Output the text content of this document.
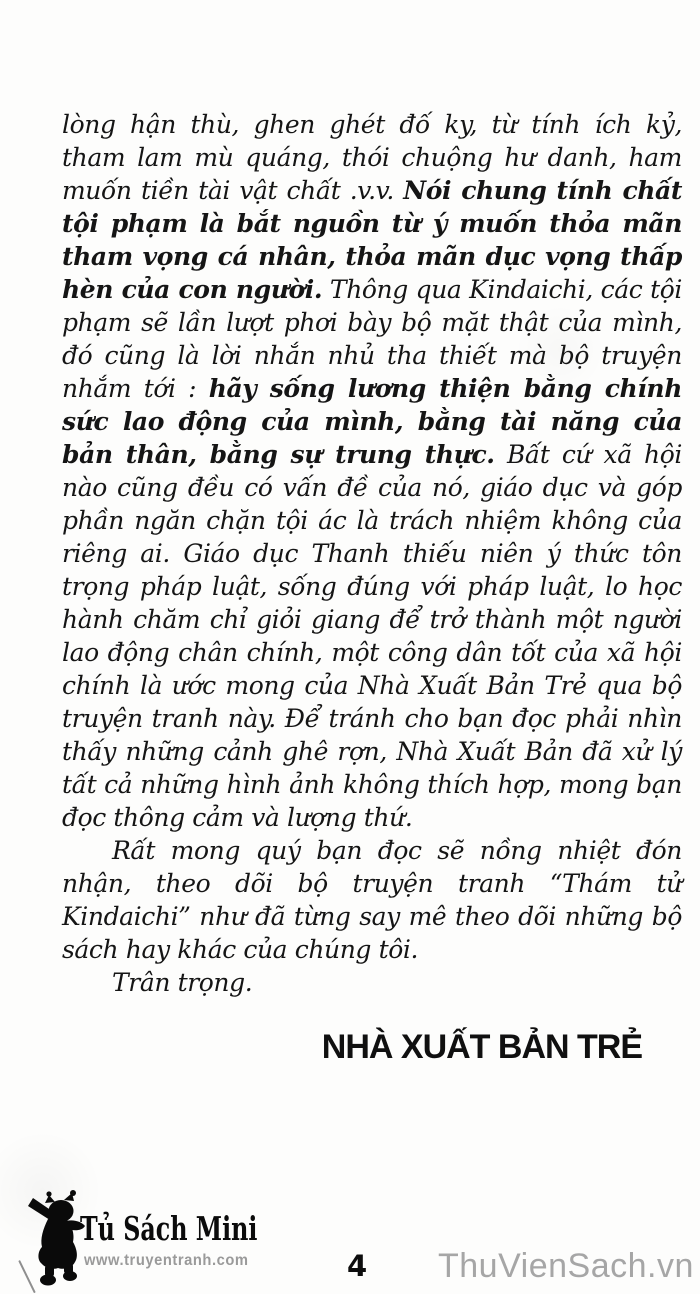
lòng hận thù, ghen ghét đố ky, từ tính ích kỷ, tham lam mù quáng, thói chuộng hư danh, ham muốn tiền tài vật chất .v.v. Nói chung tính chất tội phạm là bắt nguồn từ ý muốn thỏa mãn tham vọng cá nhân, thỏa mãn dục vọng thấp hèn của con người. Thông qua Kindaichi, các tội phạm sẽ lần lượt phơi bày bộ mặt thật của mình, đó cũng là lời nhắn nhủ tha thiết mà bộ truyện nhắm tới : hãy sống lương thiện bằng chính sức lao động của mình, bằng tài năng của bản thân, bằng sự trung thực. Bất cứ xã hội nào cũng đều có vấn đề của nó, giáo dục và góp phần ngăn chặn tội ác là trách nhiệm không của riêng ai. Giáo dục Thanh thiếu niên ý thức tôn trọng pháp luật, sống đúng với pháp luật, lo học hành chăm chỉ giỏi giang để trở thành một người lao động chân chính, một công dân tốt của xã hội chính là ước mong của Nhà Xuất Bản Trẻ qua bộ truyện tranh này. Để tránh cho bạn đọc phải nhìn thấy những cảnh ghê rợn, Nhà Xuất Bản đã xử lý tất cả những hình ảnh không thích hợp, mong bạn đọc thông cảm và lượng thứ.

Rất mong quý bạn đọc sẽ nồng nhiệt đón nhận, theo dõi bộ truyện tranh “Thám tử Kindaichi” như đã từng say mê theo dõi những bộ sách hay khác của chúng tôi.

Trân trọng.

NHÀ XUẤT BẢN TRẺ
Tủ Sách Mini
www.truyentranh.com	4 ThuVienSach.vn
